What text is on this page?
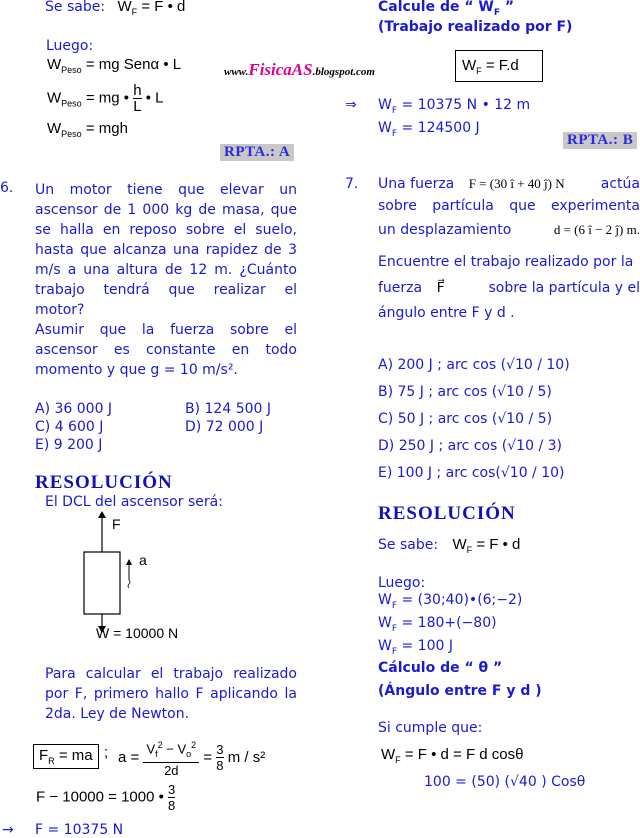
Se sabe: $W_F = F$ • d
Luego:
$W_{Peso}$ = mg Senα • L
$W_{Peso}$ = mg • $\frac{h}{L}$ • L
$W_{Peso}$ = mgh
RPTA.: A
6. Un motor tiene que elevar un
ascensor de 1 000 kg de masa, que
se halla en reposo sobre el suelo,
hasta que alcanza una rapidez de 3
m/s a una altura de 12 m. ¿Cuánto
trabajo tendrá que realizar el
motor?
Asumir que la fuerza sobre el
ascensor es constante en todo
momento y que g = 10 m/s².
A) 36 000 J	B) 124 500 J
C) 4 600 J	D) 72 000 J
E) 9 200 J
RESOLUCIÓN
El DCL del ascensor será:
F
a
W = 10000 N
Para calcular el trabajo realizado
por F, primero hallo F aplicando la
2da. Ley de Newton.
$F_R$ = ma ; $a = \frac{V_f^2 - V_o^2}{2d} = \frac{3}{8}$ m / s²
F − 10000 = 1000 • $\frac{3}{8}$
→ F = 10375 N
www.FisicaAS.blogspot.com
Calcule de “ $W_F$ ”
(Trabajo realizado por F)
$W_F = F.d$
⇒ $W_F = 10375$ N • 12 m
$W_F = 124500$ J
RPTA.: B
7. Una fuerza F = (30 î + 40 ĵ) N	actúa
sobre partícula que experimenta
un desplazamiento	d = (6 î − 2 ĵ) m.
Encuentre el trabajo realizado por la
fuerza F⃗	sobre la partícula y el
ángulo entre F y d .
A) 200 J ; arc cos (√10 / 10)
B) 75 J ; arc cos (√10 / 5)
C) 50 J ; arc cos (√10 / 5)
D) 250 J ; arc cos (√10 / 3)
E) 100 J ; arc cos(√10 / 10)
RESOLUCIÓN
Se sabe: $W_F = F$ • d
Luego:
$W_F$ = (30;40)•(6;−2)
$W_F = 180+(-80)$
$W_F = 100$ J
Cálculo de “ θ ”
(Ángulo entre F y d )
Si cumple que:
$W_F = F$ • d = F d cosθ
100 = (50) (√40 ) Cosθ
